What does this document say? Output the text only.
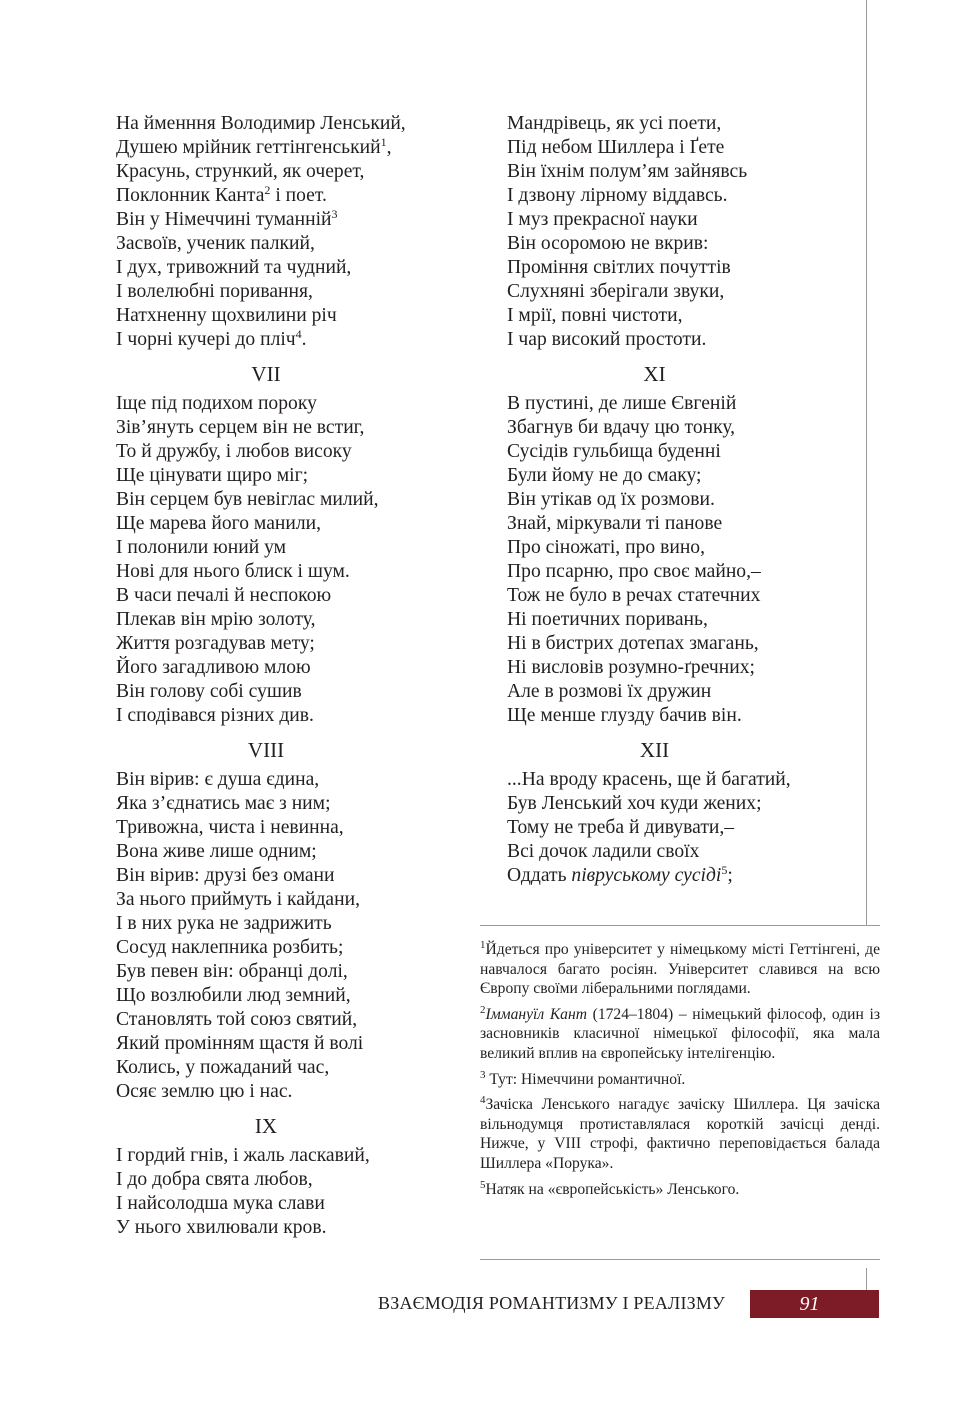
На йменння Володимир Ленський,
Душею мрійник геттінгенський$^1$,
Красунь, стрункий, як очерет,
Поклонник Канта$^2$ і поет.
Він у Німеччині туманній$^3$
Засвоїв, ученик палкий,
І дух, тривожний та чудний,
І волелюбні поривання,
Натхненну щохвилини річ
І чорні кучері до пліч$^4$.
VII
Іще під подихом пороку
Зів’януть серцем він не встиг,
То й дружбу, і любов високу
Ще цінувати щиро міг;
Він серцем був невіглас милий,
Ще марева його манили,
І полонили юний ум
Нові для нього блиск і шум.
В часи печалі й неспокою
Плекав він мрію золоту,
Життя розгадував мету;
Його загадливою млою
Він голову собі сушив
І сподівався різних див.
VIII
Він вірив: є душа єдина,
Яка з’єднатись має з ним;
Тривожна, чиста і невинна,
Вона живе лише одним;
Він вірив: друзі без омани
За нього приймуть і кайдани,
І в них рука не задрижить
Сосуд наклепника розбить;
Був певен він: обранці долі,
Що возлюбили люд земний,
Становлять той союз святий,
Який промінням щастя й волі
Колись, у пожаданий час,
Осяє землю цю і нас.
IX
І гордий гнів, і жаль ласкавий,
І до добра свята любов,
І найсолодша мука слави
У нього хвилювали кров.
Мандрівець, як усі поети,
Під небом Шиллера і Ґете
Він їхнім полум’ям зайнявсь
І дзвону лірному віддавсь.
І муз прекрасної науки
Він осоромою не вкрив:
Проміння світлих почуттів
Слухняні зберігали звуки,
І мрії, повні чистоти,
І чар високий простоти.
XI
В пустині, де лише Євгеній
Збагнув би вдачу цю тонку,
Сусідів гульбища буденні
Були йому не до смаку;
Він утікав од їх розмови.
Знай, міркували ті панове
Про сіножаті, про вино,
Про псарню, про своє майно,–
Тож не було в речах статечних
Ні поетичних поривань,
Ні в бистрих дотепах змагань,
Ні висловів розумно-ґречних;
Але в розмові їх дружин
Ще менше глузду бачив він.
XII
...На вроду красень, ще й багатий,
Був Ленський хоч куди жених;
Тому не треба й дивувати,–
Всі дочок ладили своїх
Оддать півруському сусіді$^5$;
$^1$Йдеться про університет у німецькому місті Геттінгені, де навчалося багато росіян. Університет славився на всю Європу своїми ліберальними поглядами.
$^2$Іммануїл Кант (1724–1804) – німецький філософ, один із засновників класичної німецької філософії, яка мала великий вплив на європейську інтелігенцію.
$^3$ Тут: Німеччини романтичної.
$^4$Зачіска Ленського нагадує зачіску Шиллера. Ця зачіска вільнодумця протиставлялася короткій зачісці денді. Нижче, у VIII строфі, фактично переповідається балада Шиллера «Порука».
$^5$Натяк на «європейськість» Ленського.
ВЗАЄМОДІЯ РОМАНТИЗМУ І РЕАЛІЗМУ	91
